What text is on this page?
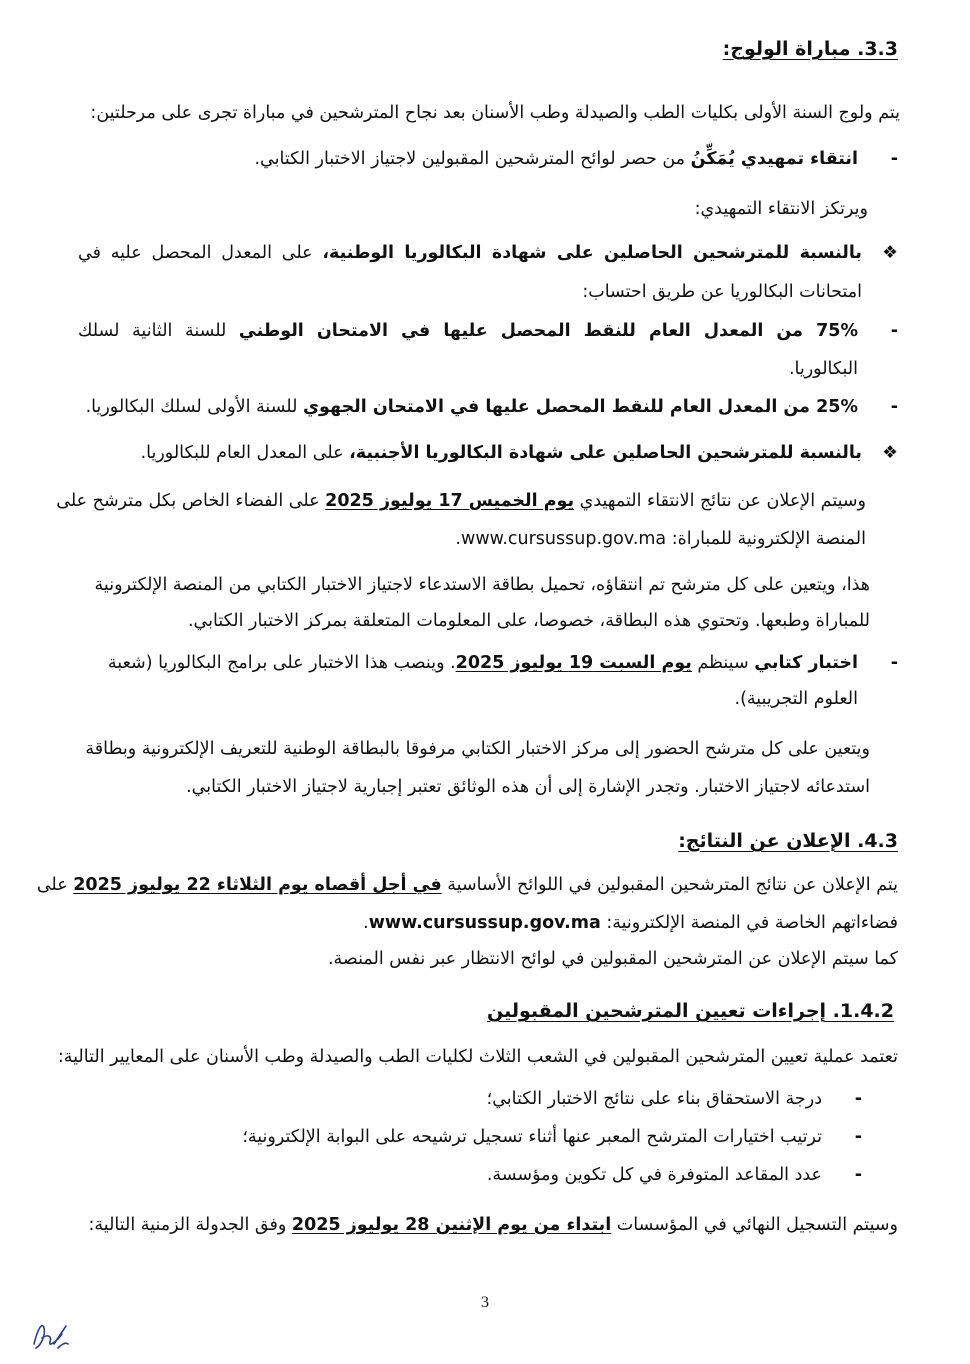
3.3. مباراة الولوج:
يتم ولوج السنة الأولى بكليات الطب والصيدلة وطب الأسنان بعد نجاح المترشحين في مباراة تجرى على مرحلتين:
-
انتقاء تمهيدي يُمَكِّنُ من حصر لوائح المترشحين المقبولين لاجتياز الاختبار الكتابي.
ويرتكز الانتقاء التمهيدي:
❖
بالنسبة للمترشحين الحاصلين على شهادة البكالوريا الوطنية، على المعدل المحصل عليه في
امتحانات البكالوريا عن طريق احتساب:
-
75% من المعدل العام للنقط المحصل عليها في الامتحان الوطني للسنة الثانية لسلك
البكالوريا.
-
25% من المعدل العام للنقط المحصل عليها في الامتحان الجهوي للسنة الأولى لسلك البكالوريا.
❖
بالنسبة للمترشحين الحاصلين على شهادة البكالوريا الأجنبية، على المعدل العام للبكالوريا.
وسيتم الإعلان عن نتائج الانتقاء التمهيدي يوم الخميس 17 يوليوز 2025 على الفضاء الخاص بكل مترشح على
المنصة الإلكترونية للمباراة: www.cursussup.gov.ma.
هذا، ويتعين على كل مترشح تم انتقاؤه، تحميل بطاقة الاستدعاء لاجتياز الاختبار الكتابي من المنصة الإلكترونية
للمباراة وطبعها. وتحتوي هذه البطاقة، خصوصا، على المعلومات المتعلقة بمركز الاختبار الكتابي.
-
اختبار كتابي سينظم يوم السبت 19 يوليوز 2025. وينصب هذا الاختبار على برامج البكالوريا (شعبة
العلوم التجريبية).
ويتعين على كل مترشح الحضور إلى مركز الاختبار الكتابي مرفوقا بالبطاقة الوطنية للتعريف الإلكترونية وبطاقة
استدعائه لاجتياز الاختبار. وتجدر الإشارة إلى أن هذه الوثائق تعتبر إجبارية لاجتياز الاختبار الكتابي.
4.3. الإعلان عن النتائج:
يتم الإعلان عن نتائج المترشحين المقبولين في اللوائح الأساسية في أجل أقصاه يوم الثلاثاء 22 يوليوز 2025 على
فضاءاتهم الخاصة في المنصة الإلكترونية: www.cursussup.gov.ma.
كما سيتم الإعلان عن المترشحين المقبولين في لوائح الانتظار عبر نفس المنصة.
1.4.2. إجراءات تعيين المترشحين المقبولين
تعتمد عملية تعيين المترشحين المقبولين في الشعب الثلاث لكليات الطب والصيدلة وطب الأسنان على المعايير التالية:
-
درجة الاستحقاق بناء على نتائج الاختبار الكتابي؛
-
ترتيب اختيارات المترشح المعبر عنها أثناء تسجيل ترشيحه على البوابة الإلكترونية؛
-
عدد المقاعد المتوفرة في كل تكوين ومؤسسة.
وسيتم التسجيل النهائي في المؤسسات ابتداء من يوم الإثنين 28 يوليوز 2025 وفق الجدولة الزمنية التالية:
3
